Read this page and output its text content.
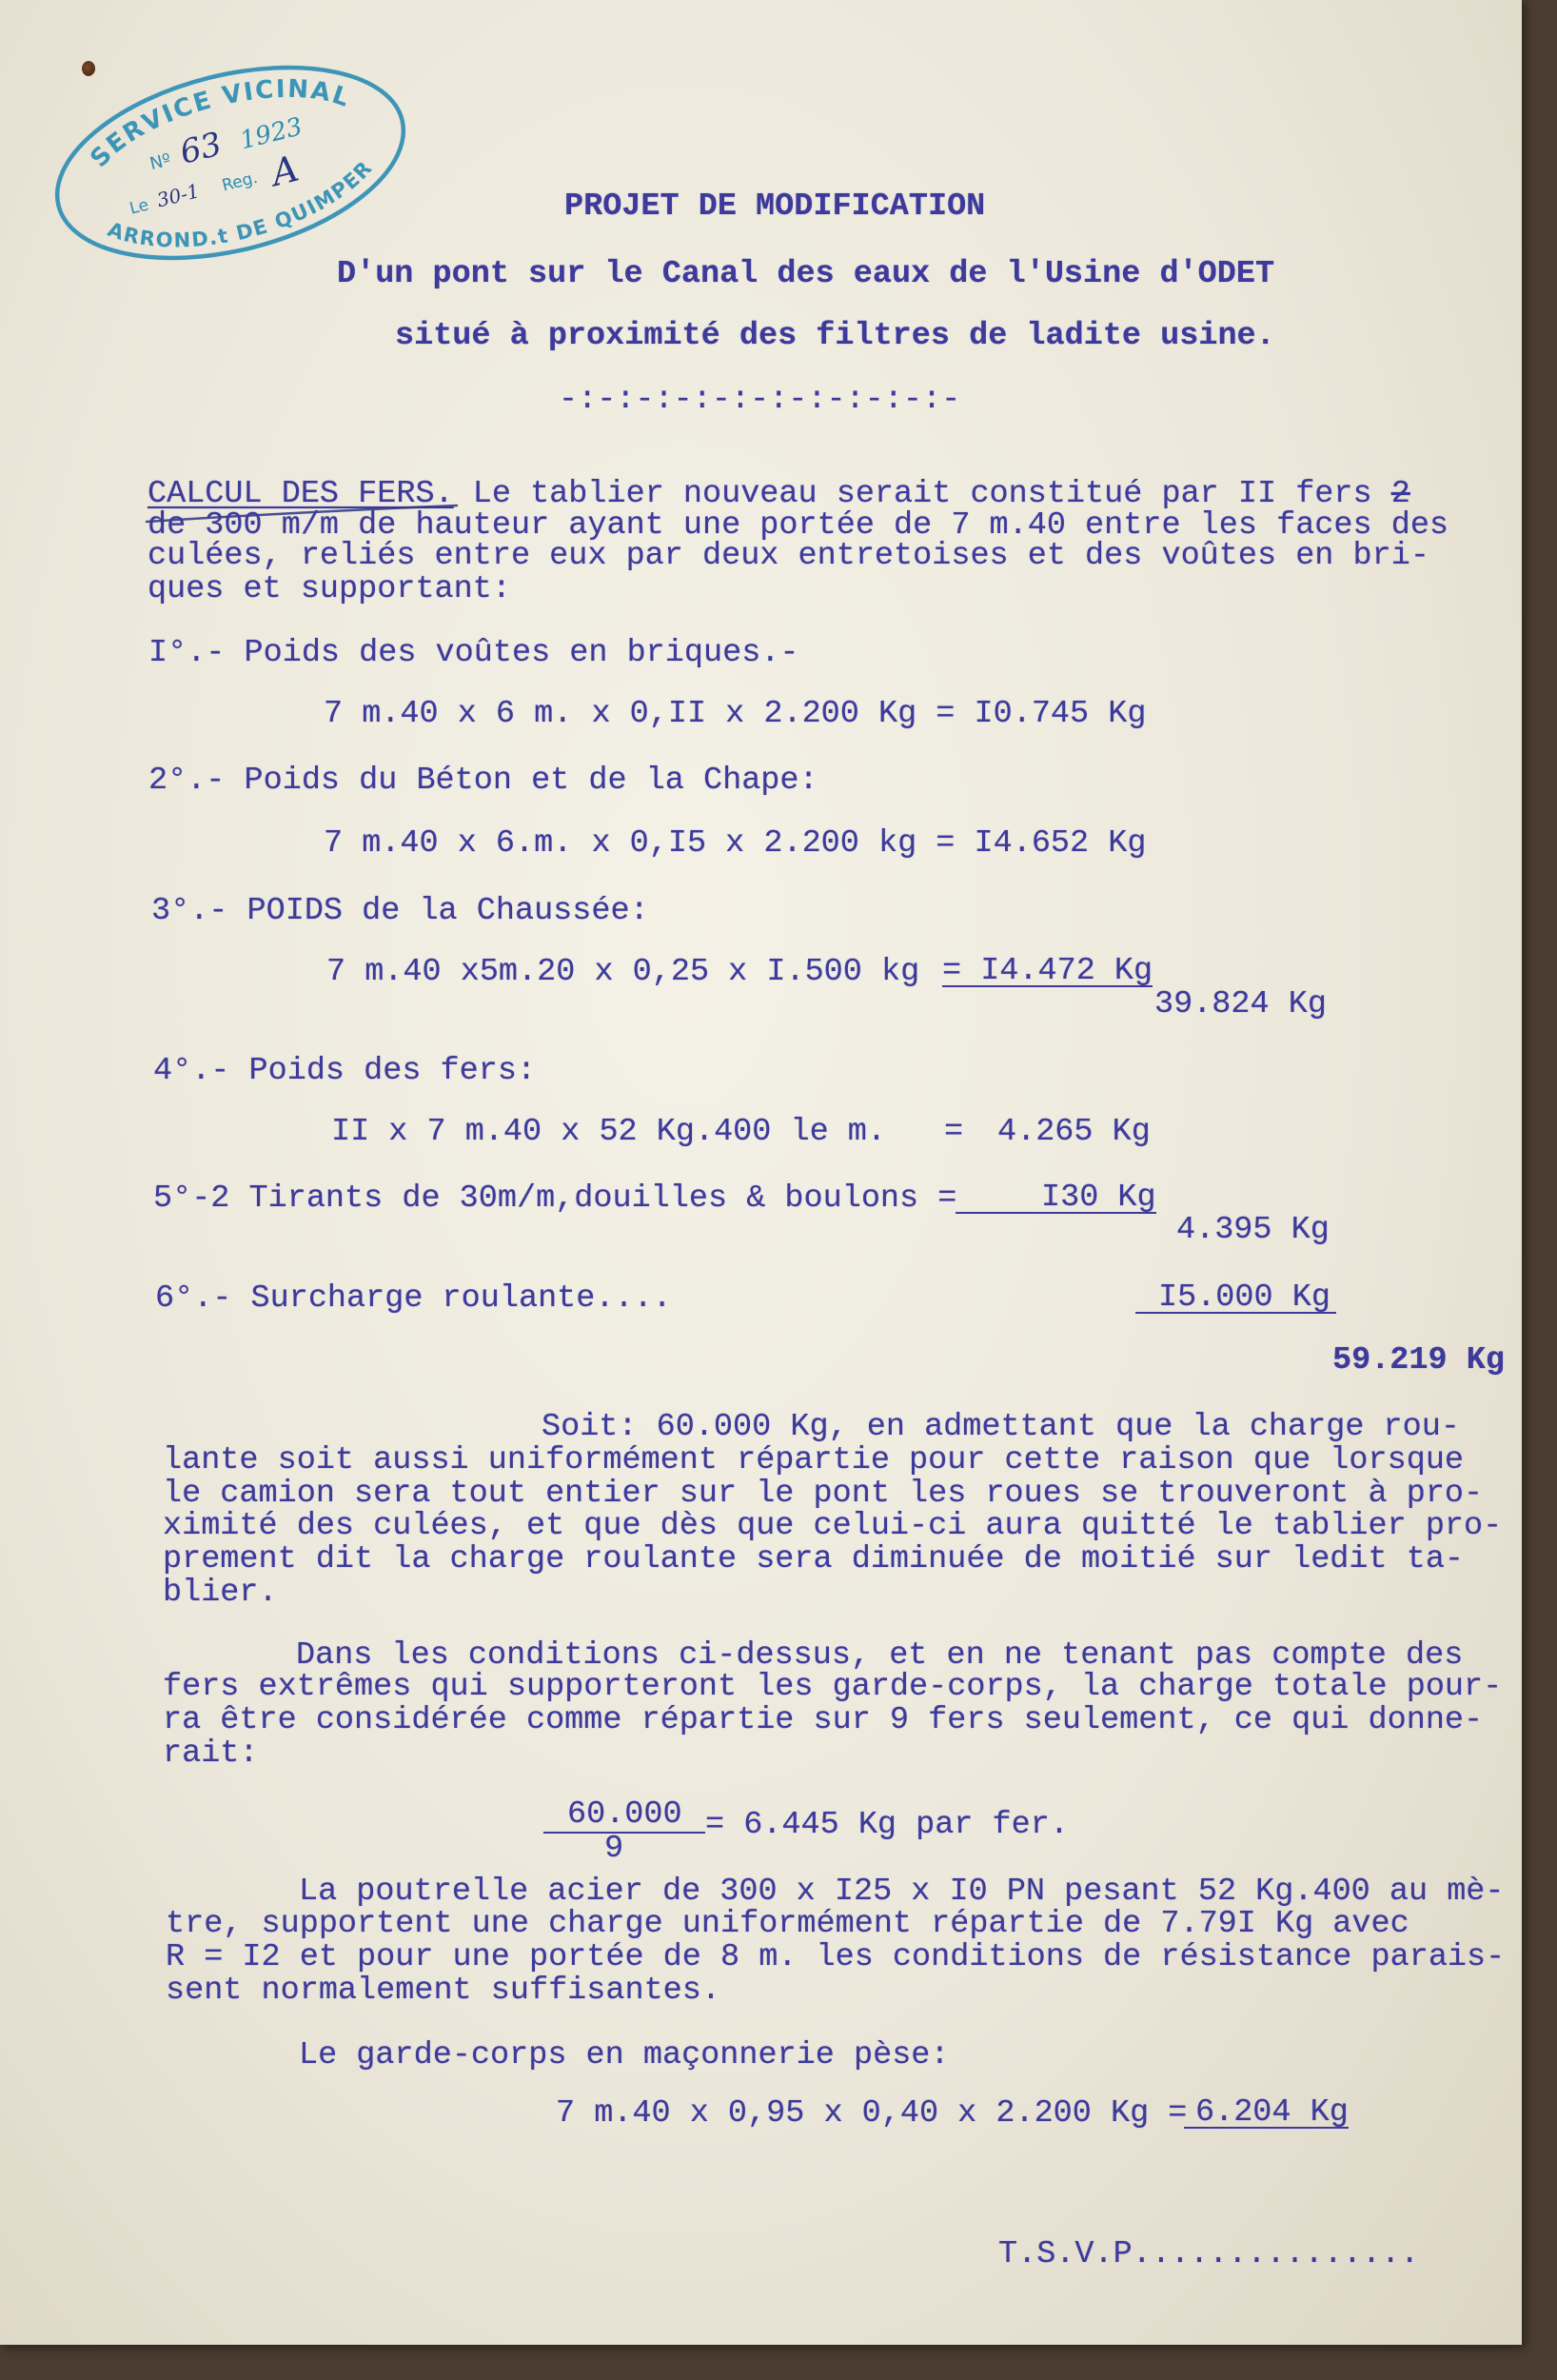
SERVICE VICINAL
ARROND.t DE QUIMPER
Nº 63 1923
Le 30-1 Reg. A
PROJET DE MODIFICATION
D'un pont sur le Canal des eaux de l'Usine d'ODET
situé à proximité des filtres de ladite usine.
-:-:-:-:-:-:-:-:-:-:-
CALCUL DES FERS. Le tablier nouveau serait constitué par II fers 2
de 300 m/m de hauteur ayant une portée de 7 m.40 entre les faces des
culées, reliés entre eux par deux entretoises et des voûtes en bri-
ques et supportant:
I°.- Poids des voûtes en briques.-
7 m.40 x 6 m. x 0,II x 2.200 Kg = I0.745 Kg
2°.- Poids du Béton et de la Chape:
7 m.40 x 6.m. x 0,I5 x 2.200 kg = I4.652 Kg
3°.- POIDS de la Chaussée:
7 m.40 x5m.20 x 0,25 x I.500 kg = I4.472 Kg
39.824 Kg
4°.- Poids des fers:
II x 7 m.40 x 52 Kg.400 le m. = 4.265 Kg
5°-2 Tirants de 30m/m,douilles & boulons =	I30 Kg
4.395 Kg
6°.- Surcharge roulante....	I5.000 Kg
59.219 Kg
Soit: 60.000 Kg, en admettant que la charge rou-
lante soit aussi uniformément répartie pour cette raison que lorsque
le camion sera tout entier sur le pont les roues se trouveront à pro-
ximité des culées, et que dès que celui-ci aura quitté le tablier pro-
prement dit la charge roulante sera diminuée de moitié sur ledit ta-
blier.
Dans les conditions ci-dessus, et en ne tenant pas compte des
fers extrêmes qui supporteront les garde-corps, la charge totale pour-
ra être considérée comme répartie sur 9 fers seulement, ce qui donne-
rait:
60.000
9
= 6.445 Kg par fer.
La poutrelle acier de 300 x I25 x I0 PN pesant 52 Kg.400 au mè-
tre, supportent une charge uniformément répartie de 7.79I Kg avec
R = I2 et pour une portée de 8 m. les conditions de résistance parais-
sent normalement suffisantes.
Le garde-corps en maçonnerie pèse:
7 m.40 x 0,95 x 0,40 x 2.200 Kg = 6.204 Kg
T.S.V.P...............
